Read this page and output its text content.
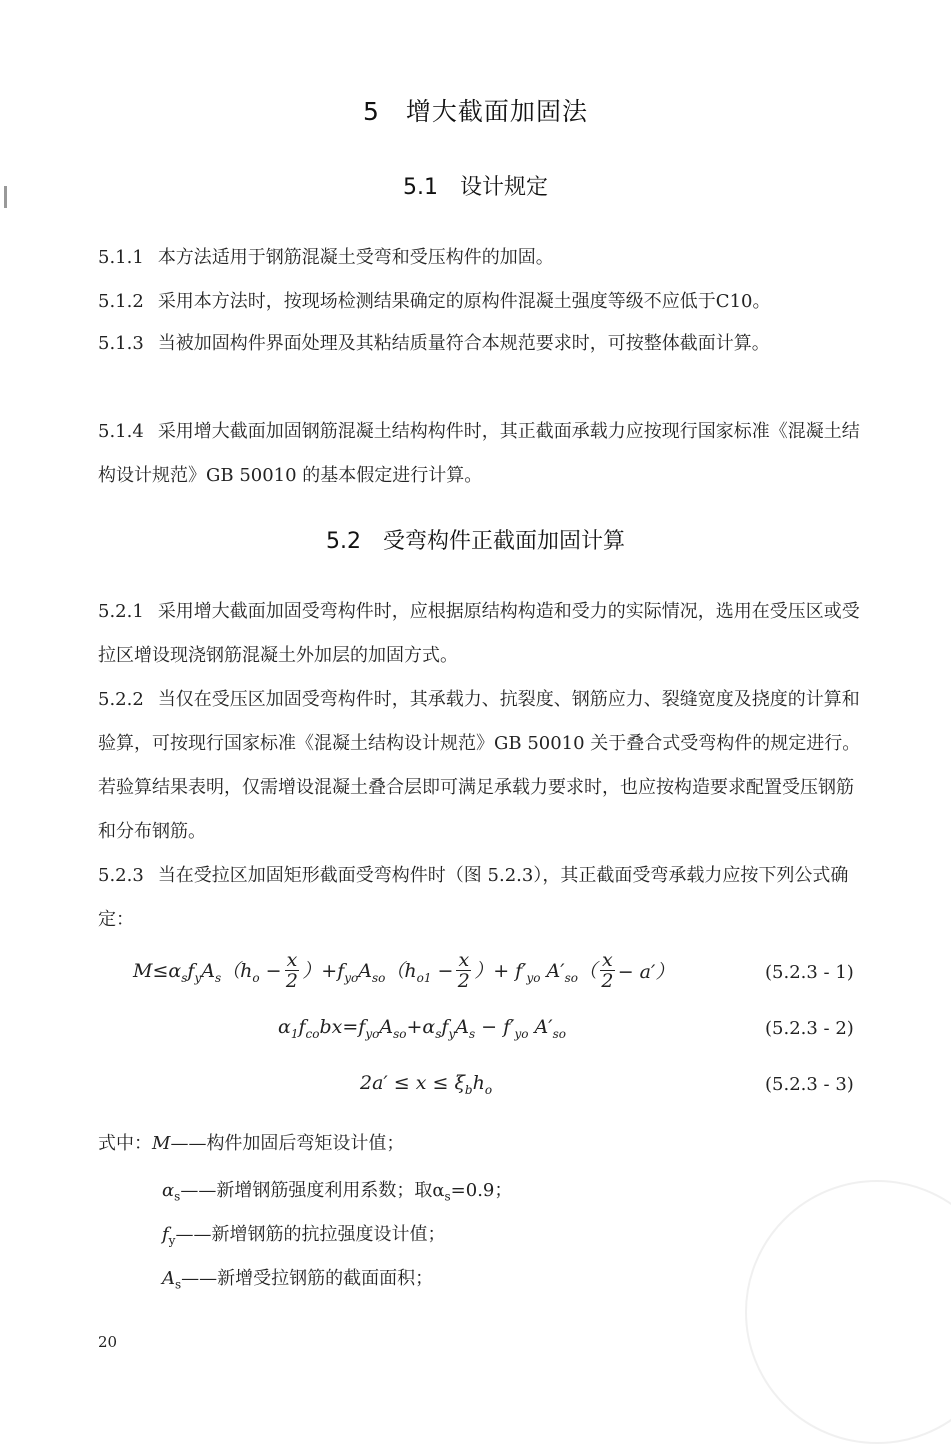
5　增大截面加固法
5.1　设计规定
5.1.1 本方法适用于钢筋混凝土受弯和受压构件的加固。
5.1.2 采用本方法时，按现场检测结果确定的原构件混凝土强度等级不应低于C10。
5.1.3 当被加固构件界面处理及其粘结质量符合本规范要求时，可按整体截面计算。
5.1.4 采用增大截面加固钢筋混凝土结构构件时，其正截面承载力应按现行国家标准《混凝土结构设计规范》GB 50010 的基本假定进行计算。
5.2　受弯构件正截面加固计算
5.2.1 采用增大截面加固受弯构件时，应根据原结构构造和受力的实际情况，选用在受压区或受拉区增设现浇钢筋混凝土外加层的加固方式。
5.2.2 当仅在受压区加固受弯构件时，其承载力、抗裂度、钢筋应力、裂缝宽度及挠度的计算和验算，可按现行国家标准《混凝土结构设计规范》GB 50010 关于叠合式受弯构件的规定进行。若验算结果表明，仅需增设混凝土叠合层即可满足承载力要求时，也应按构造要求配置受压钢筋和分布钢筋。
5.2.3 当在受拉区加固矩形截面受弯构件时（图 5.2.3），其正截面受弯承载力应按下列公式确定：
$M\le\alpha_sf_yA_s(h_o - \frac{x}{2} )+f_{yo}A_{so}(h_{o1} - \frac{x}{2}$ ）+ $f'_{yo}$ $A'_{so}( \frac{x}{2} - a')$	(5.2.3 - 1)
$\alpha_1f_{co}bx=f_{yo}A_{so}+\alpha_sf_yA_s - f'_{yo}$ $A'_{so}$	(5.2.3 - 2)
$2a' \le x \le \xi_bh_o$	(5.2.3 - 3)
式中：M——构件加固后弯矩设计值；
$\alpha_s——$新增钢筋强度利用系数；取$\alpha_s=0.9$；
$f_y——$新增钢筋的抗拉强度设计值；
$A_s——$新增受拉钢筋的截面面积；
20
